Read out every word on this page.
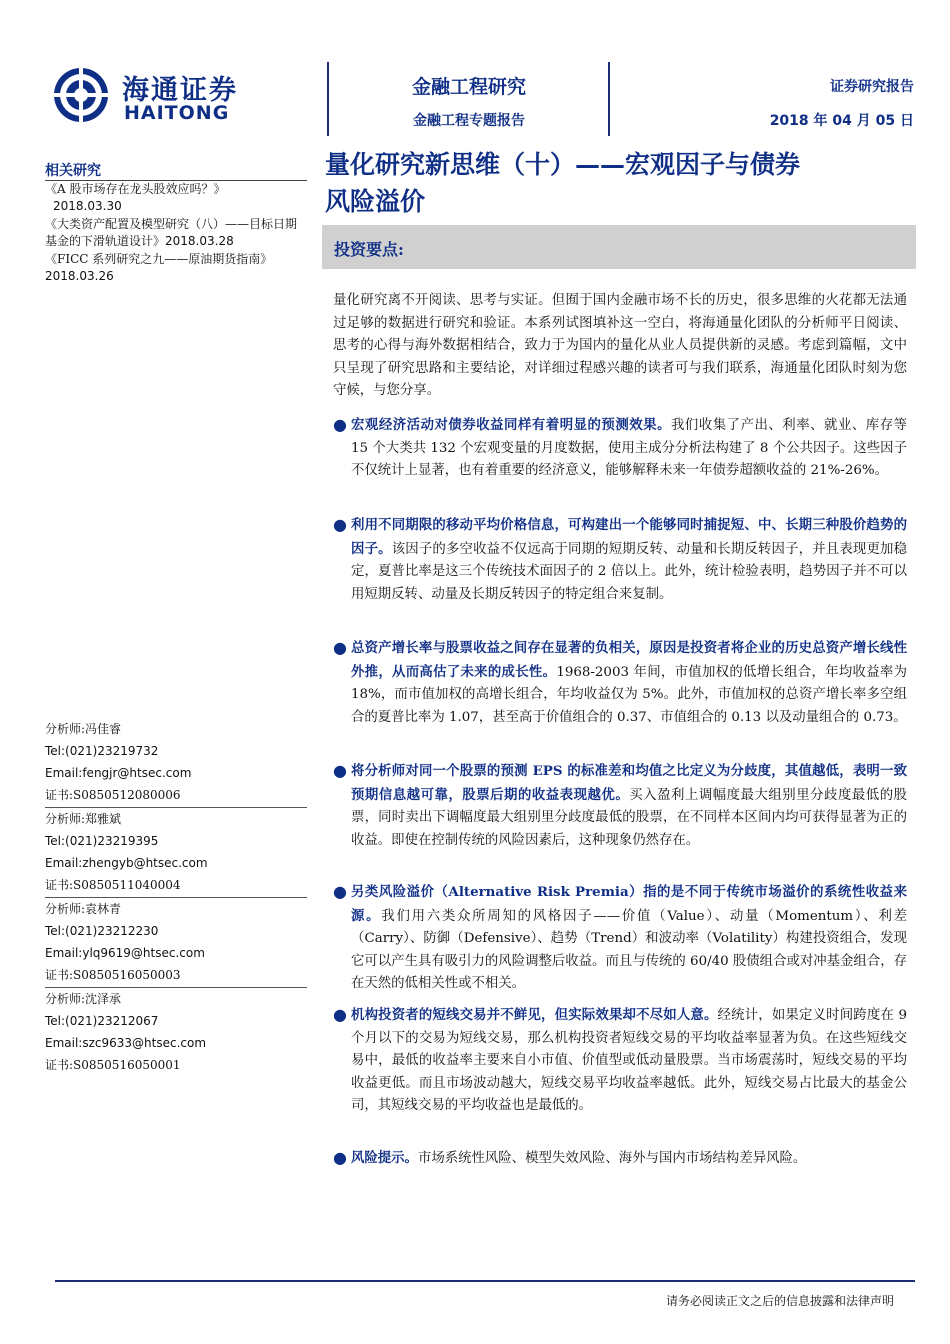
海通证券
HAITONG
金融工程研究
金融工程专题报告
证券研究报告
2018 年 04 月 05 日
相关研究
《A 股市场存在龙头股效应吗？》
2018.03.30
《大类资产配置及模型研究（八）——目标日期基金的下滑轨道设计》2018.03.28
《FICC 系列研究之九——原油期货指南》2018.03.26
分析师:冯佳睿
Tel:(021)23219732
Email:fengjr@htsec.com
证书:S0850512080006
分析师:郑雅斌
Tel:(021)23219395
Email:zhengyb@htsec.com
证书:S0850511040004
分析师:袁林青
Tel:(021)23212230
Email:ylq9619@htsec.com
证书:S0850516050003
分析师:沈泽承
Tel:(021)23212067
Email:szc9633@htsec.com
证书:S0850516050001
量化研究新思维（十）——宏观因子与债券
风险溢价
投资要点:
量化研究离不开阅读、思考与实证。但囿于国内金融市场不长的历史，很多思维的火花都无法通过足够的数据进行研究和验证。本系列试图填补这一空白，将海通量化团队的分析师平日阅读、思考的心得与海外数据相结合，致力于为国内的量化从业人员提供新的灵感。考虑到篇幅，文中只呈现了研究思路和主要结论，对详细过程感兴趣的读者可与我们联系，海通量化团队时刻为您守候，与您分享。
● 宏观经济活动对债券收益同样有着明显的预测效果。我们收集了产出、利率、就业、库存等 15 个大类共 132 个宏观变量的月度数据，使用主成分分析法构建了 8 个公共因子。这些因子不仅统计上显著，也有着重要的经济意义，能够解释未来一年债券超额收益的 21%-26%。
● 利用不同期限的移动平均价格信息，可构建出一个能够同时捕捉短、中、长期三种股价趋势的因子。该因子的多空收益不仅远高于同期的短期反转、动量和长期反转因子，并且表现更加稳定，夏普比率是这三个传统技术面因子的 2 倍以上。此外，统计检验表明，趋势因子并不可以用短期反转、动量及长期反转因子的特定组合来复制。
● 总资产增长率与股票收益之间存在显著的负相关，原因是投资者将企业的历史总资产增长线性外推，从而高估了未来的成长性。1968-2003 年间，市值加权的低增长组合，年均收益率为 18%，而市值加权的高增长组合，年均收益仅为 5%。此外，市值加权的总资产增长率多空组合的夏普比率为 1.07，甚至高于价值组合的 0.37、市值组合的 0.13 以及动量组合的 0.73。
● 将分析师对同一个股票的预测 EPS 的标准差和均值之比定义为分歧度，其值越低，表明一致预期信息越可靠，股票后期的收益表现越优。买入盈利上调幅度最大组别里分歧度最低的股票，同时卖出下调幅度最大组别里分歧度最低的股票，在不同样本区间内均可获得显著为正的收益。即使在控制传统的风险因素后，这种现象仍然存在。
● 另类风险溢价（Alternative Risk Premia）指的是不同于传统市场溢价的系统性收益来源。我们用六类众所周知的风格因子——价值（Value）、动量（Momentum）、利差（Carry）、防御（Defensive）、趋势（Trend）和波动率（Volatility）构建投资组合，发现它可以产生具有吸引力的风险调整后收益。而且与传统的 60/40 股债组合或对冲基金组合，存在天然的低相关性或不相关。
● 机构投资者的短线交易并不鲜见，但实际效果却不尽如人意。经统计，如果定义时间跨度在 9 个月以下的交易为短线交易，那么机构投资者短线交易的平均收益率显著为负。在这些短线交易中，最低的收益率主要来自小市值、价值型或低动量股票。当市场震荡时，短线交易的平均收益更低。而且市场波动越大，短线交易平均收益率越低。此外，短线交易占比最大的基金公司，其短线交易的平均收益也是最低的。
● 风险提示。市场系统性风险、模型失效风险、海外与国内市场结构差异风险。
请务必阅读正文之后的信息披露和法律声明
